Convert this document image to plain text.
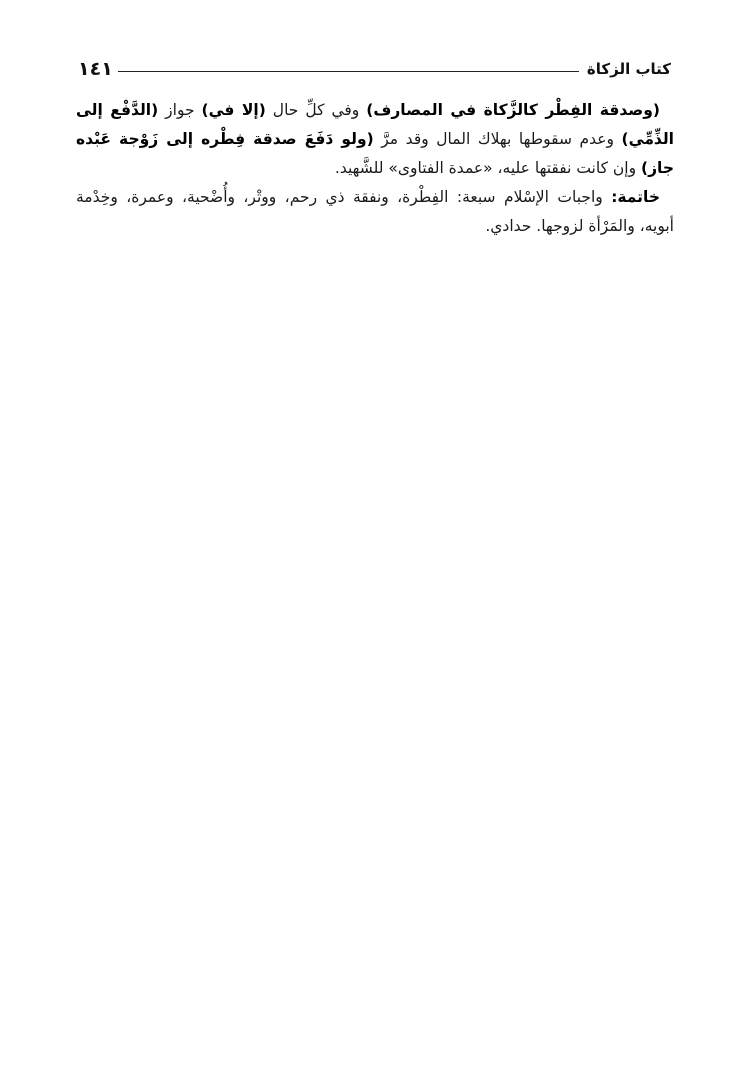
١٤١	كتاب الزكاة

(وصدقة الفِطْر كالزَّكاة في المصارف) وفي كلِّ حال (إلا في) جواز (الدَّفْع إلى الذِّمِّي) وعدم سقوطها بهلاك المال وقد مرَّ (ولو دَفَعَ صدقة فِطْره إلى زَوْجة عَبْده جاز) وإن كانت نفقتها عليه، «عمدة الفتاوى» للشَّهيد.

خاتمة: واجبات الإسْلام سبعة: الفِطْرة، ونفقة ذي رحم، ووتْر، وأُضْحية، وعمرة، وخِدْمة أبويه، والمَرْأة لزوجها. حدادي.
